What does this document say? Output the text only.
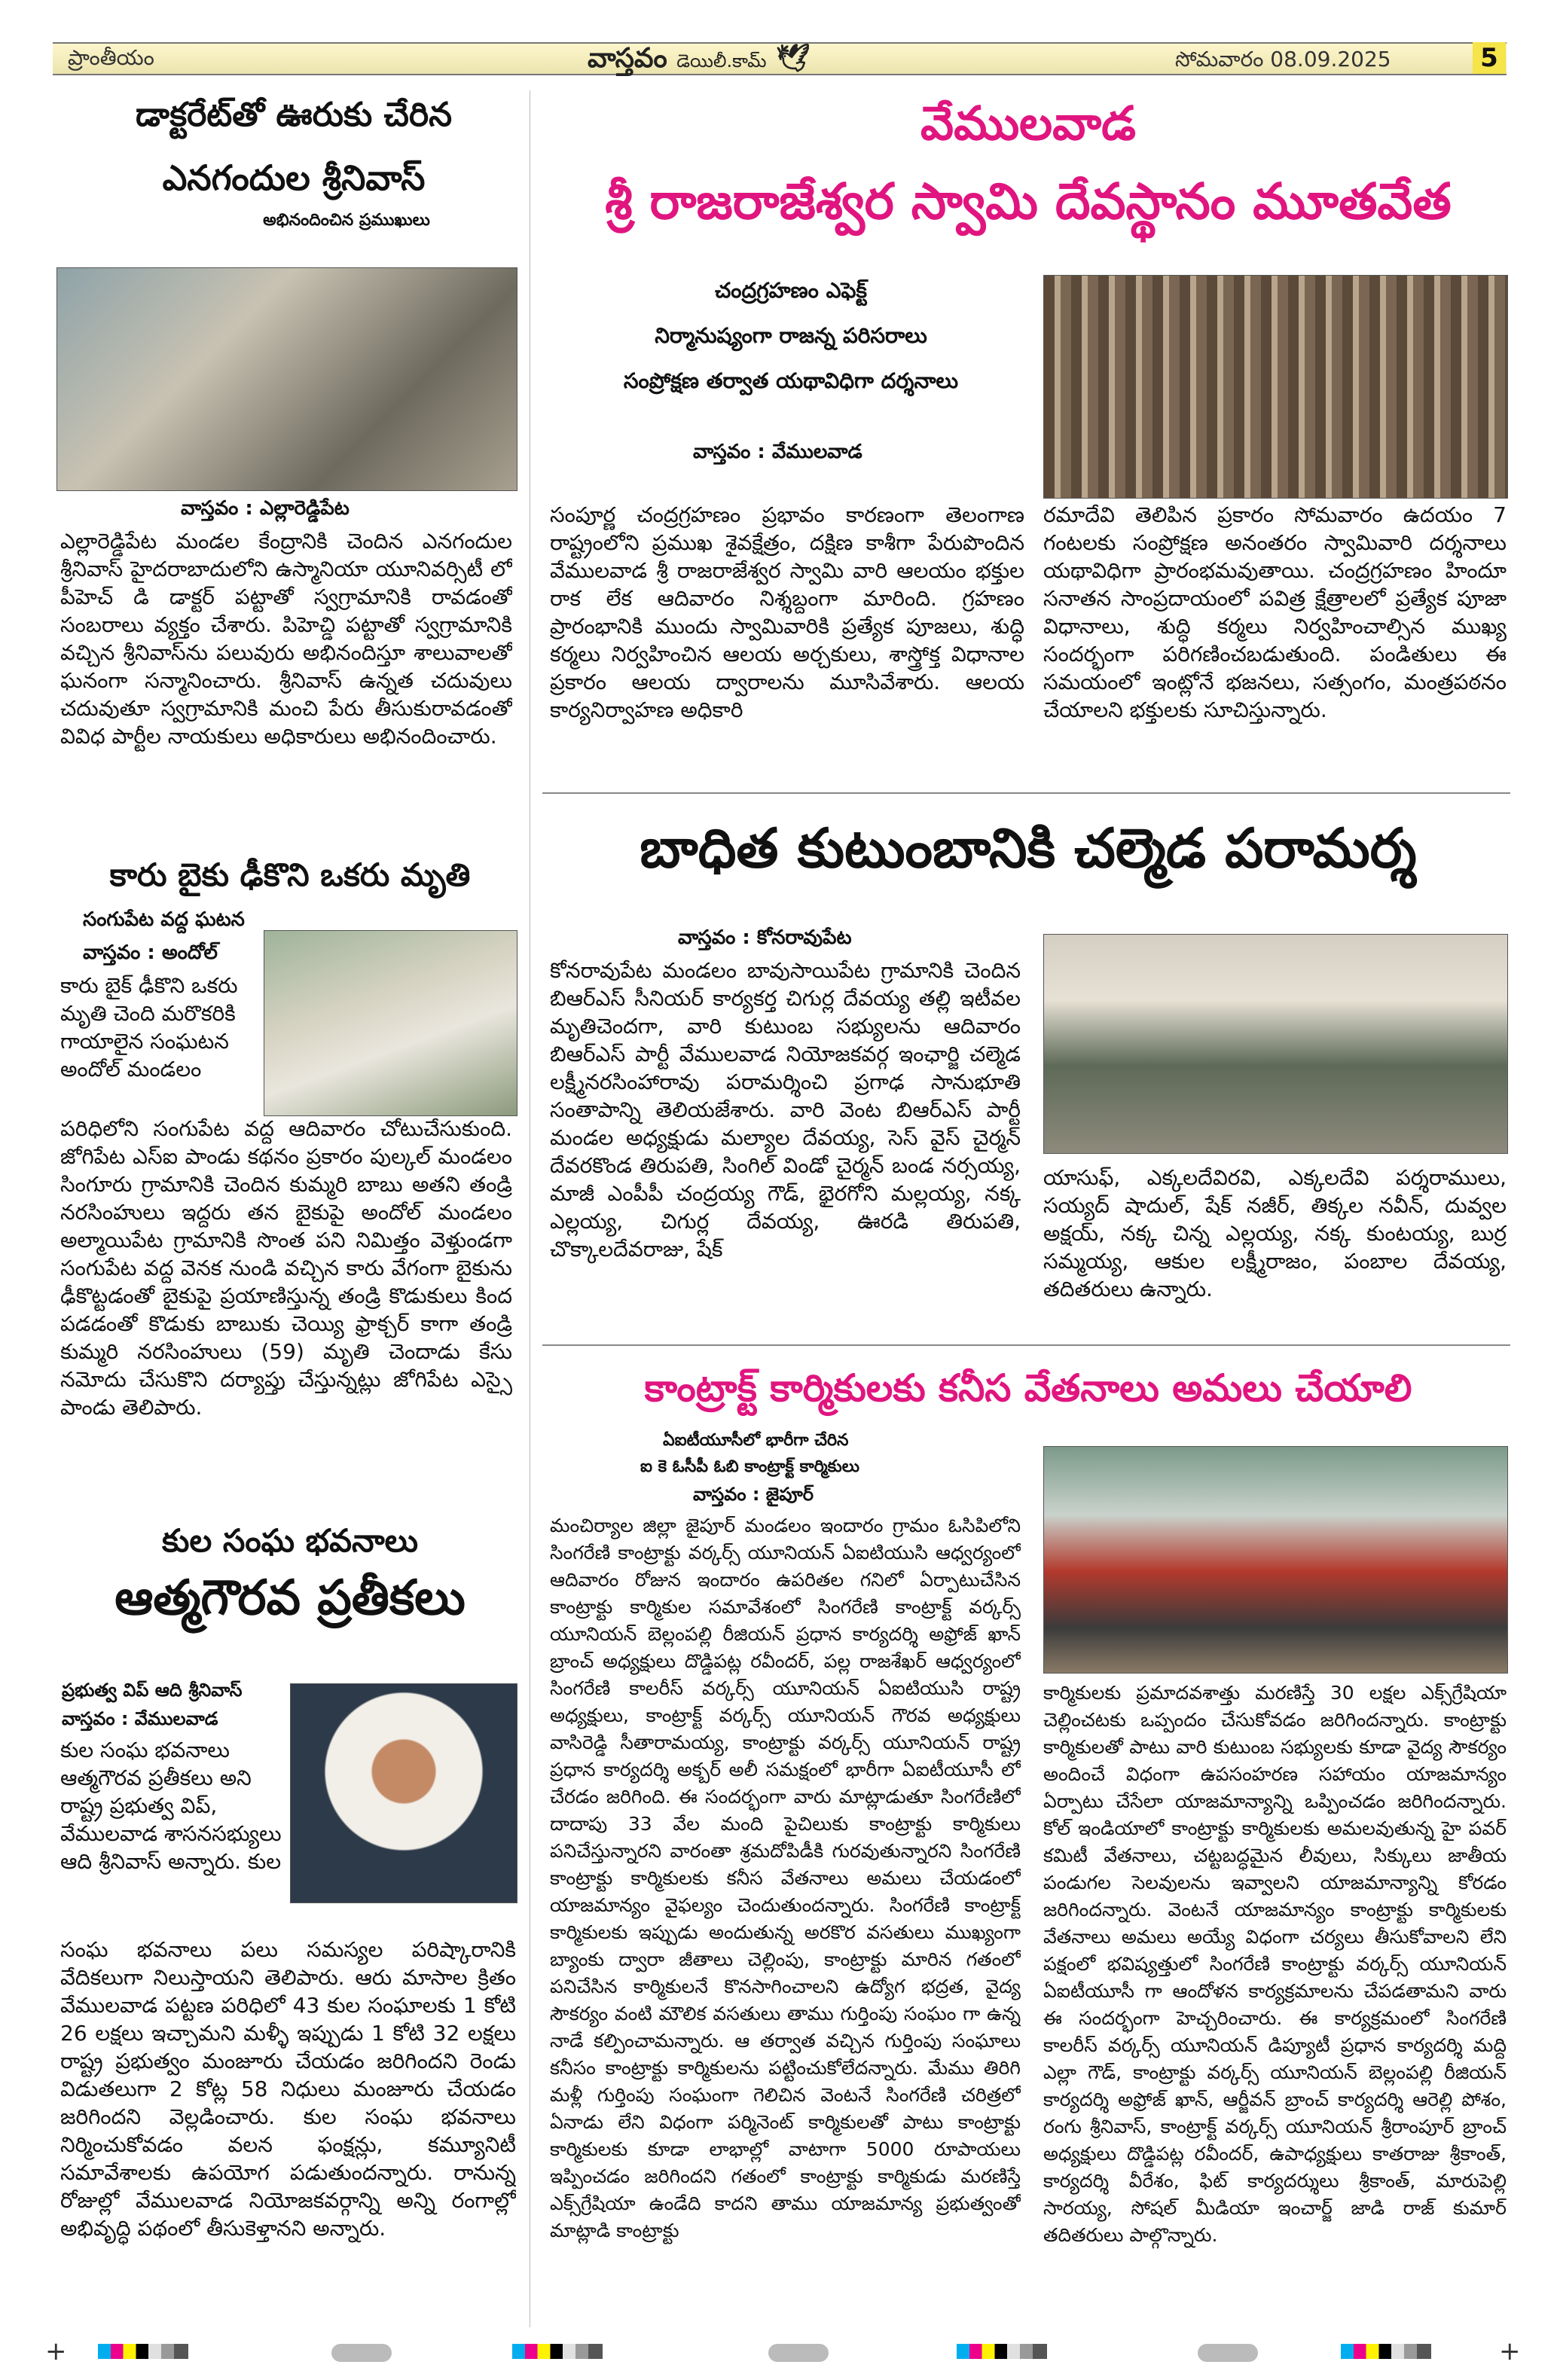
ప్రాంతీయం	వాస్తవం డెయిలీ.కామ్ 🕊	సోమవారం 08.09.2025	5
డాక్టరేట్‌తో ఊరుకు చేరిన
ఎనగందుల శ్రీనివాస్
అభినందించిన ప్రముఖులు
వాస్తవం : ఎల్లారెడ్డిపేట
ఎల్లారెడ్డిపేట మండల కేంద్రానికి చెందిన ఎనగందుల శ్రీనివాస్ హైదరాబాదులోని ఉస్మానియా యూనివర్సిటీ లో పీహెచ్ డి డాక్టర్ పట్టాతో స్వగ్రామానికి రావడంతో సంబరాలు వ్యక్తం చేశారు. పిహెచ్డి పట్టాతో స్వగ్రామానికి వచ్చిన శ్రీనివాస్‌ను పలువురు అభినందిస్తూ శాలువాలతో ఘనంగా సన్మానించారు. శ్రీనివాస్ ఉన్నత చదువులు చదువుతూ స్వగ్రామానికి మంచి పేరు తీసుకురావడంతో వివిధ పార్టీల నాయకులు అధికారులు అభినందించారు.
కారు బైకు ఢీకొని ఒకరు మృతి
సంగుపేట వద్ద ఘటన
వాస్తవం : అందోల్
కారు బైక్ ఢీకొని ఒకరు మృతి చెంది మరొకరికి గాయాలైన సంఘటన అందోల్ మండలం
పరిధిలోని సంగుపేట వద్ద ఆదివారం చోటుచేసుకుంది. జోగిపేట ఎస్ఐ పాండు కథనం ప్రకారం పుల్కల్ మండలం సింగూరు గ్రామానికి చెందిన కుమ్మరి బాబు అతని తండ్రి నరసింహులు ఇద్దరు తన బైకుపై అందోల్ మండలం అల్మాయిపేట గ్రామానికి సొంత పని నిమిత్తం వెళ్తుండగా సంగుపేట వద్ద వెనక నుండి వచ్చిన కారు వేగంగా బైకును ఢీకొట్టడంతో బైకుపై ప్రయాణిస్తున్న తండ్రి కొడుకులు కింద పడడంతో కొడుకు బాబుకు చెయ్యి ఫ్రాక్చర్ కాగా తండ్రి కుమ్మరి నరసింహులు (59) మృతి చెందాడు కేసు నమోదు చేసుకొని దర్యాప్తు చేస్తున్నట్లు జోగిపేట ఎస్సై పాండు తెలిపారు.
కుల సంఘ భవనాలు
ఆత్మగౌరవ ప్రతీకలు
ప్రభుత్వ విప్ ఆది శ్రీనివాస్
వాస్తవం : వేములవాడ
కుల సంఘ భవనాలు ఆత్మగౌరవ ప్రతీకలు అని రాష్ట్ర ప్రభుత్వ విప్, వేములవాడ శాసనసభ్యులు ఆది శ్రీనివాస్ అన్నారు. కుల
సంఘ భవనాలు పలు సమస్యల పరిష్కారానికి వేదికలుగా నిలుస్తాయని తెలిపారు. ఆరు మాసాల క్రితం వేములవాడ పట్టణ పరిధిలో 43 కుల సంఘాలకు 1 కోటి 26 లక్షలు ఇచ్చామని మళ్ళీ ఇప్పుడు 1 కోటి 32 లక్షలు రాష్ట్ర ప్రభుత్వం మంజూరు చేయడం జరిగిందని రెండు విడుతలుగా 2 కోట్ల 58 నిధులు మంజూరు చేయడం జరిగిందని వెల్లడించారు. కుల సంఘ భవనాలు నిర్మించుకోవడం వలన ఫంక్షన్లు, కమ్యూనిటీ సమావేశాలకు ఉపయోగ పడుతుందన్నారు. రానున్న రోజుల్లో వేములవాడ నియోజకవర్గాన్ని అన్ని రంగాల్లో అభివృద్ధి పథంలో తీసుకెళ్తానని అన్నారు.
వేములవాడ
శ్రీ రాజరాజేశ్వర స్వామి దేవస్థానం మూతవేత
చంద్రగ్రహణం ఎఫెక్ట్
నిర్మానుష్యంగా రాజన్న పరిసరాలు
సంప్రోక్షణ తర్వాత యథావిధిగా దర్శనాలు
వాస్తవం : వేములవాడ
సంపూర్ణ చంద్రగ్రహణం ప్రభావం కారణంగా తెలంగాణ రాష్ట్రంలోని ప్రముఖ శైవక్షేత్రం, దక్షిణ కాశీగా పేరుపొందిన వేములవాడ శ్రీ రాజరాజేశ్వర స్వామి వారి ఆలయం భక్తుల రాక లేక ఆదివారం నిశ్శబ్దంగా మారింది. గ్రహణం ప్రారంభానికి ముందు స్వామివారికి ప్రత్యేక పూజలు, శుద్ధి కర్మలు నిర్వహించిన ఆలయ అర్చకులు, శాస్త్రోక్త విధానాల ప్రకారం ఆలయ ద్వారాలను మూసివేశారు. ఆలయ కార్యనిర్వాహణ అధికారి
రమాదేవి తెలిపిన ప్రకారం సోమవారం ఉదయం 7 గంటలకు సంప్రోక్షణ అనంతరం స్వామివారి దర్శనాలు యథావిధిగా ప్రారంభమవుతాయి. చంద్రగ్రహణం హిందూ సనాతన సాంప్రదాయంలో పవిత్ర క్షేత్రాలలో ప్రత్యేక పూజా విధానాలు, శుద్ధి కర్మలు నిర్వహించాల్సిన ముఖ్య సందర్భంగా పరిగణించబడుతుంది. పండితులు ఈ సమయంలో ఇంట్లోనే భజనలు, సత్సంగం, మంత్రపఠనం చేయాలని భక్తులకు సూచిస్తున్నారు.
బాధిత కుటుంబానికి చల్మెడ పరామర్శ
వాస్తవం : కోనరావుపేట
కోనరావుపేట మండలం బావుసాయిపేట గ్రామానికి చెందిన బిఆర్ఎస్ సీనియర్ కార్యకర్త చిగుర్ల దేవయ్య తల్లి ఇటీవల మృతిచెందగా, వారి కుటుంబ సభ్యులను ఆదివారం బిఆర్ఎస్ పార్టీ వేములవాడ నియోజకవర్గ ఇంఛార్జి చల్మెడ లక్ష్మీనరసింహారావు పరామర్శించి ప్రగాఢ సానుభూతి సంతాపాన్ని తెలియజేశారు. వారి వెంట బిఆర్ఎస్ పార్టీ మండల అధ్యక్షుడు మల్యాల దేవయ్య, సెస్ వైస్ చైర్మన్ దేవరకొండ తిరుపతి, సింగిల్ విండో చైర్మన్ బండ నర్సయ్య, మాజీ ఎంపీపీ చంద్రయ్య గౌడ్, భైరగోని మల్లయ్య, నక్క ఎల్లయ్య, చిగుర్ల దేవయ్య, ఊరడి తిరుపతి, చొక్కాలదేవరాజు, షేక్
యాసుఫ్, ఎక్కలదేవిరవి, ఎక్కలదేవి పర్శరాములు, సయ్యద్ షాదుల్, షేక్ నజీర్, తిక్కల నవీన్, దువ్వల అక్షయ్, నక్క చిన్న ఎల్లయ్య, నక్క కుంటయ్య, బుర్ర సమ్మయ్య, ఆకుల లక్ష్మీరాజం, పంబాల దేవయ్య, తదితరులు ఉన్నారు.
కాంట్రాక్ట్ కార్మికులకు కనీస వేతనాలు అమలు చేయాలి
ఏఐటీయూసీలో భారీగా చేరిన
ఐ కె ఓసీపీ ఓబి కాంట్రాక్ట్ కార్మికులు
వాస్తవం : జైపూర్
మంచిర్యాల జిల్లా జైపూర్ మండలం ఇందారం గ్రామం ఓసిపిలోని సింగరేణి కాంట్రాక్టు వర్కర్స్ యూనియన్ ఏఐటియుసి ఆధ్వర్యంలో ఆదివారం రోజున ఇందారం ఉపరితల గనిలో ఏర్పాటుచేసిన కాంట్రాక్టు కార్మికుల సమావేశంలో సింగరేణి కాంట్రాక్ట్ వర్కర్స్ యూనియన్ బెల్లంపల్లి రీజియన్ ప్రధాన కార్యదర్శి అఫ్రోజ్ ఖాన్ బ్రాంచ్ అధ్యక్షులు దొడ్డిపట్ల రవీందర్, పల్ల రాజశేఖర్ ఆధ్వర్యంలో సింగరేణి కాలరీస్ వర్కర్స్ యూనియన్ ఏఐటియుసి రాష్ట్ర అధ్యక్షులు, కాంట్రాక్ట్ వర్కర్స్ యూనియన్ గౌరవ అధ్యక్షులు వాసిరెడ్డి సీతారామయ్య, కాంట్రాక్టు వర్కర్స్ యూనియన్ రాష్ట్ర ప్రధాన కార్యదర్శి అక్బర్ అలీ సమక్షంలో భారీగా ఏఐటీయూసీ లో చేరడం జరిగింది. ఈ సందర్భంగా వారు మాట్లాడుతూ సింగరేణిలో దాదాపు 33 వేల మంది పైచిలుకు కాంట్రాక్టు కార్మికులు పనిచేస్తున్నారని వారంతా శ్రమదోపిడీకి గురవుతున్నారని సింగరేణి కాంట్రాక్టు కార్మికులకు కనీస వేతనాలు అమలు చేయడంలో యాజమాన్యం వైఫల్యం చెందుతుందన్నారు. సింగరేణి కాంట్రాక్ట్ కార్మికులకు ఇప్పుడు అందుతున్న అరకొర వసతులు ముఖ్యంగా బ్యాంకు ద్వారా జీతాలు చెల్లింపు, కాంట్రాక్టు మారిన గతంలో పనిచేసిన కార్మికులనే కొనసాగించాలని ఉద్యోగ భద్రత, వైద్య సౌకర్యం వంటి మౌలిక వసతులు తాము గుర్తింపు సంఘం గా ఉన్న నాడే కల్పించామన్నారు. ఆ తర్వాత వచ్చిన గుర్తింపు సంఘాలు కనీసం కాంట్రాక్టు కార్మికులను పట్టించుకోలేదన్నారు. మేము తిరిగి మళ్లీ గుర్తింపు సంఘంగా గెలిచిన వెంటనే సింగరేణి చరిత్రలో ఏనాడు లేని విధంగా పర్మినెంట్ కార్మికులతో పాటు కాంట్రాక్టు కార్మికులకు కూడా లాభాల్లో వాటాగా 5000 రూపాయలు ఇప్పించడం జరిగిందని గతంలో కాంట్రాక్టు కార్మికుడు మరణిస్తే ఎక్స్‌గ్రేషియా ఉండేది కాదని తాము యాజమాన్య ప్రభుత్వంతో మాట్లాడి కాంట్రాక్టు
కార్మికులకు ప్రమాదవశాత్తు మరణిస్తే 30 లక్షల ఎక్స్‌గ్రేషియా చెల్లించటకు ఒప్పందం చేసుకోవడం జరిగిందన్నారు. కాంట్రాక్టు కార్మికులతో పాటు వారి కుటుంబ సభ్యులకు కూడా వైద్య సౌకర్యం అందించే విధంగా ఉపసంహరణ సహాయం యాజమాన్యం ఏర్పాటు చేసేలా యాజమాన్యాన్ని ఒప్పించడం జరిగిందన్నారు. కోల్ ఇండియాలో కాంట్రాక్టు కార్మికులకు అమలవుతున్న హై పవర్ కమిటీ వేతనాలు, చట్టబద్ధమైన లీవులు, సిక్కులు జాతీయ పండుగల సెలవులను ఇవ్వాలని యాజమాన్యాన్ని కోరడం జరిగిందన్నారు. వెంటనే యాజమాన్యం కాంట్రాక్టు కార్మికులకు వేతనాలు అమలు అయ్యే విధంగా చర్యలు తీసుకోవాలని లేని పక్షంలో భవిష్యత్తులో సింగరేణి కాంట్రాక్టు వర్కర్స్ యూనియన్ ఏఐటీయూసీ గా ఆందోళన కార్యక్రమాలను చేపడతామని వారు ఈ సందర్భంగా హెచ్చరించారు. ఈ కార్యక్రమంలో సింగరేణి కాలరీస్ వర్కర్స్ యూనియన్ డిప్యూటీ ప్రధాన కార్యదర్శి మద్ది ఎల్లా గౌడ్, కాంట్రాక్టు వర్కర్స్ యూనియన్ బెల్లంపల్లి రీజియన్ కార్యదర్శి అఫ్రోజ్ ఖాన్, ఆర్జీవన్ బ్రాంచ్ కార్యదర్శి ఆరెల్లి పోశం, రంగు శ్రీనివాస్, కాంట్రాక్ట్ వర్కర్స్ యూనియన్ శ్రీరాంపూర్ బ్రాంచ్ అధ్యక్షులు దొడ్డిపట్ల రవీందర్, ఉపాధ్యక్షులు కాతరాజు శ్రీకాంత్, కార్యదర్శి వీరేశం, ఫిట్ కార్యదర్శులు శ్రీకాంత్, మారుపెల్లి సారయ్య, సోషల్ మీడియా ఇంచార్జ్ జాడి రాజ్ కుమార్ తదితరులు పాల్గొన్నారు.
+	+
